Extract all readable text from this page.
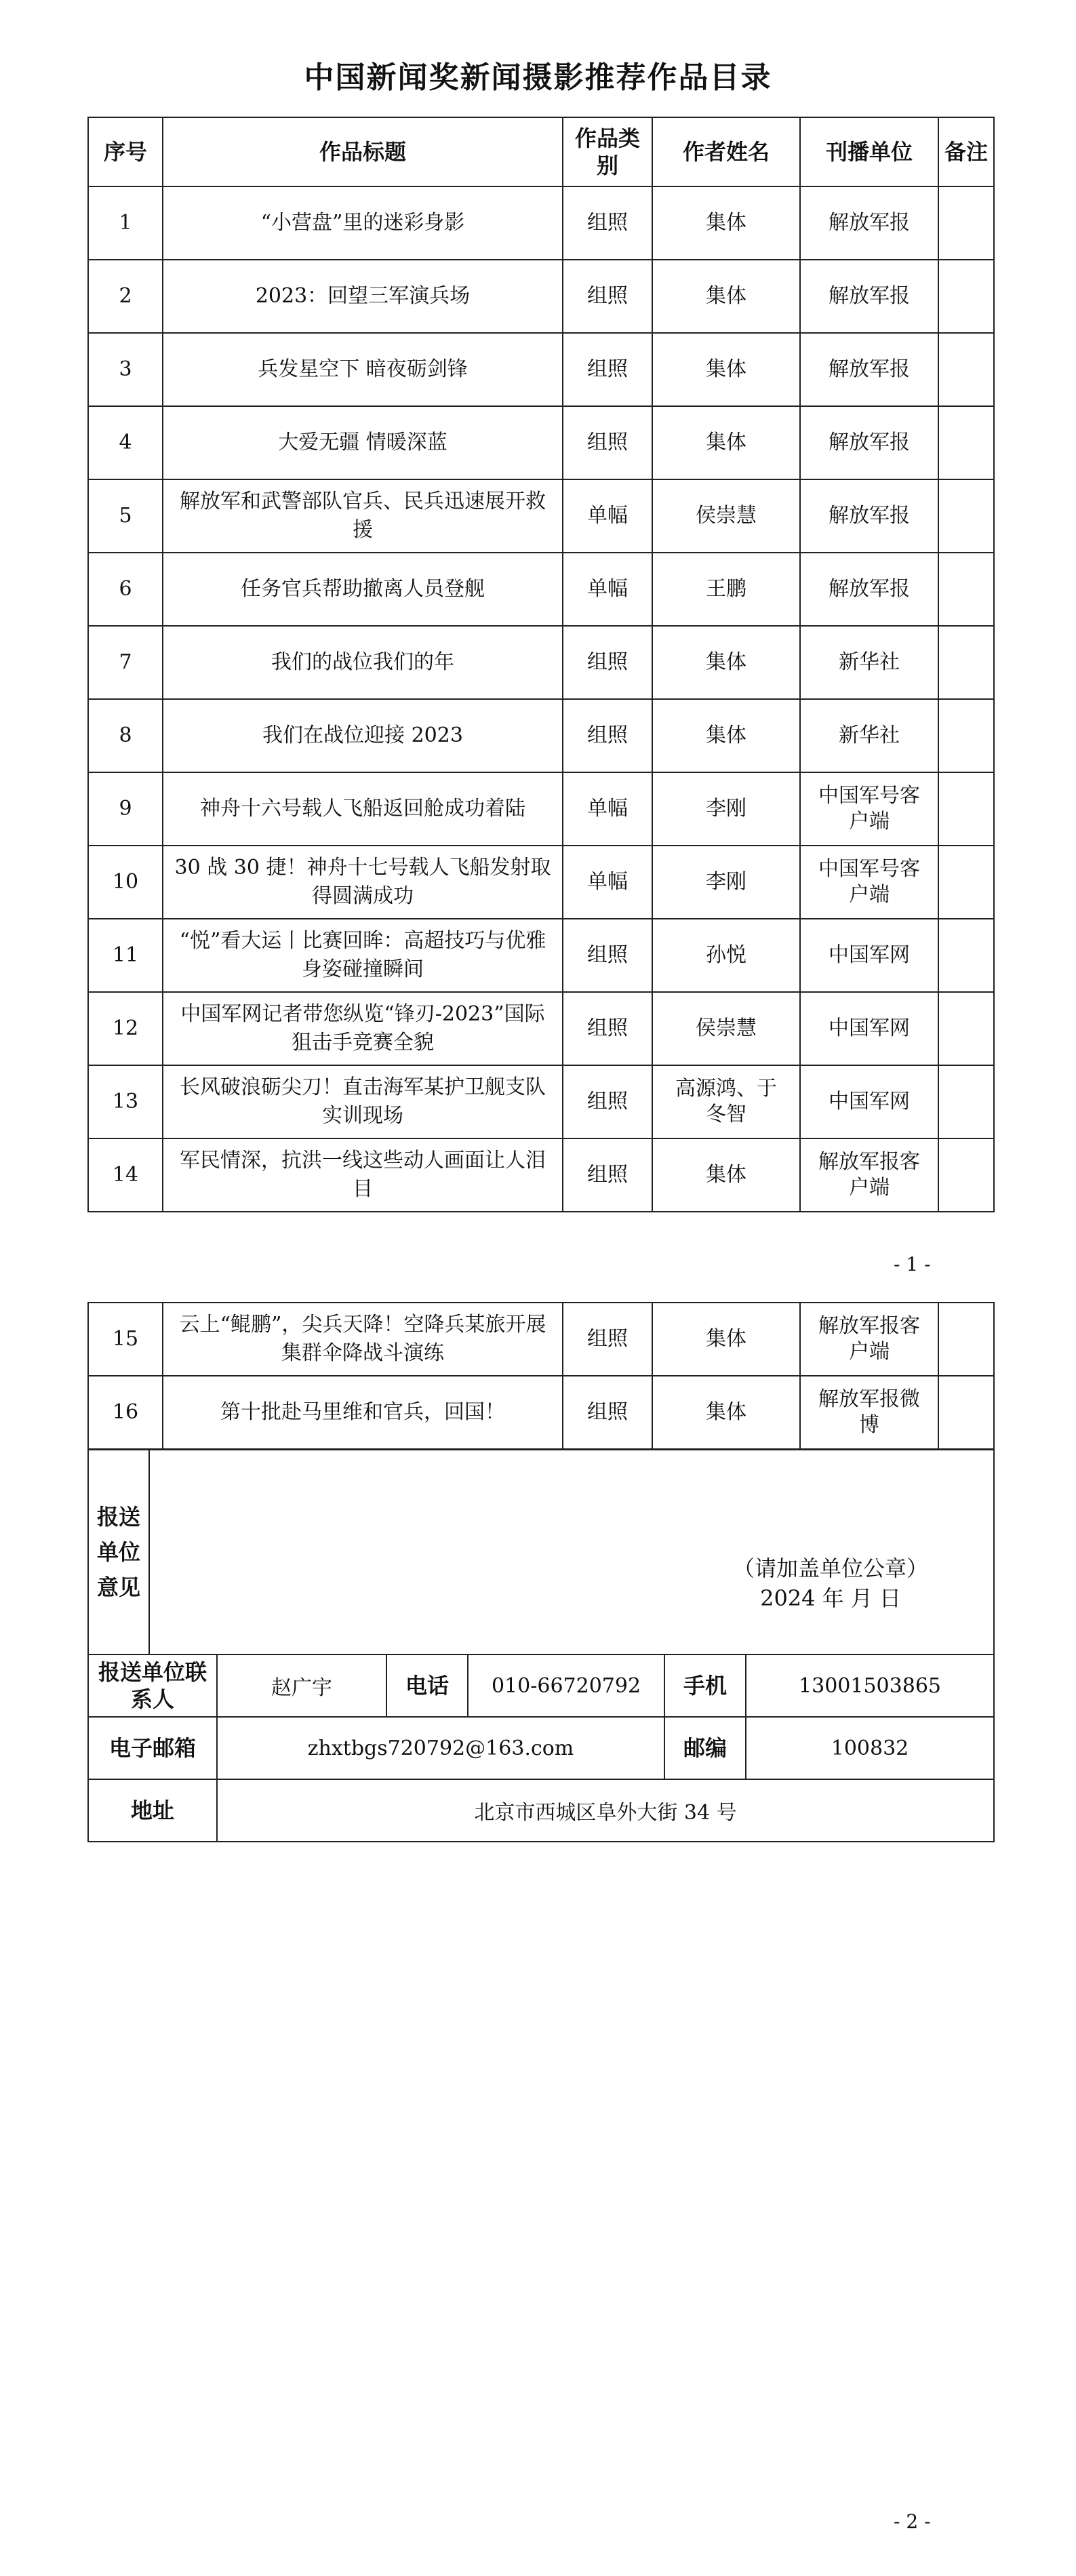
中国新闻奖新闻摄影推荐作品目录
序号	作品标题	作品类别	作者姓名	刊播单位	备注
1	“小营盘”里的迷彩身影	组照	集体	解放军报	
2	2023：回望三军演兵场	组照	集体	解放军报	
3	兵发星空下 暗夜砺剑锋	组照	集体	解放军报	
4	大爱无疆 情暖深蓝	组照	集体	解放军报	
5	解放军和武警部队官兵、民兵迅速展开救援	单幅	侯崇慧	解放军报	
6	任务官兵帮助撤离人员登舰	单幅	王鹏	解放军报	
7	我们的战位我们的年	组照	集体	新华社	
8	我们在战位迎接 2023	组照	集体	新华社	
9	神舟十六号载人飞船返回舱成功着陆	单幅	李刚	中国军号客户端	
10	30 战 30 捷！神舟十七号载人飞船发射取得圆满成功	单幅	李刚	中国军号客户端	
11	“悦”看大运丨比赛回眸：高超技巧与优雅身姿碰撞瞬间	组照	孙悦	中国军网	
12	中国军网记者带您纵览“锋刃-2023”国际狙击手竞赛全貌	组照	侯崇慧	中国军网	
13	长风破浪砺尖刀！直击海军某护卫舰支队实训现场	组照	高源鸿、于冬智	中国军网	
14	军民情深，抗洪一线这些动人画面让人泪目	组照	集体	解放军报客户端	
- 1 -
15	云上“鲲鹏”，尖兵天降！空降兵某旅开展集群伞降战斗演练	组照	集体	解放军报客户端	
16	第十批赴马里维和官兵，回国！	组照	集体	解放军报微博	
报送单位意见	（请加盖单位公章）
2024 年 月 日					

报送单位联系人		赵广宇	电话	010-66720792	手机	13001503865
电子邮箱		zhxtbgs720792@163.com			邮编	100832
地址		北京市西城区阜外大街 34 号				
- 2 -
